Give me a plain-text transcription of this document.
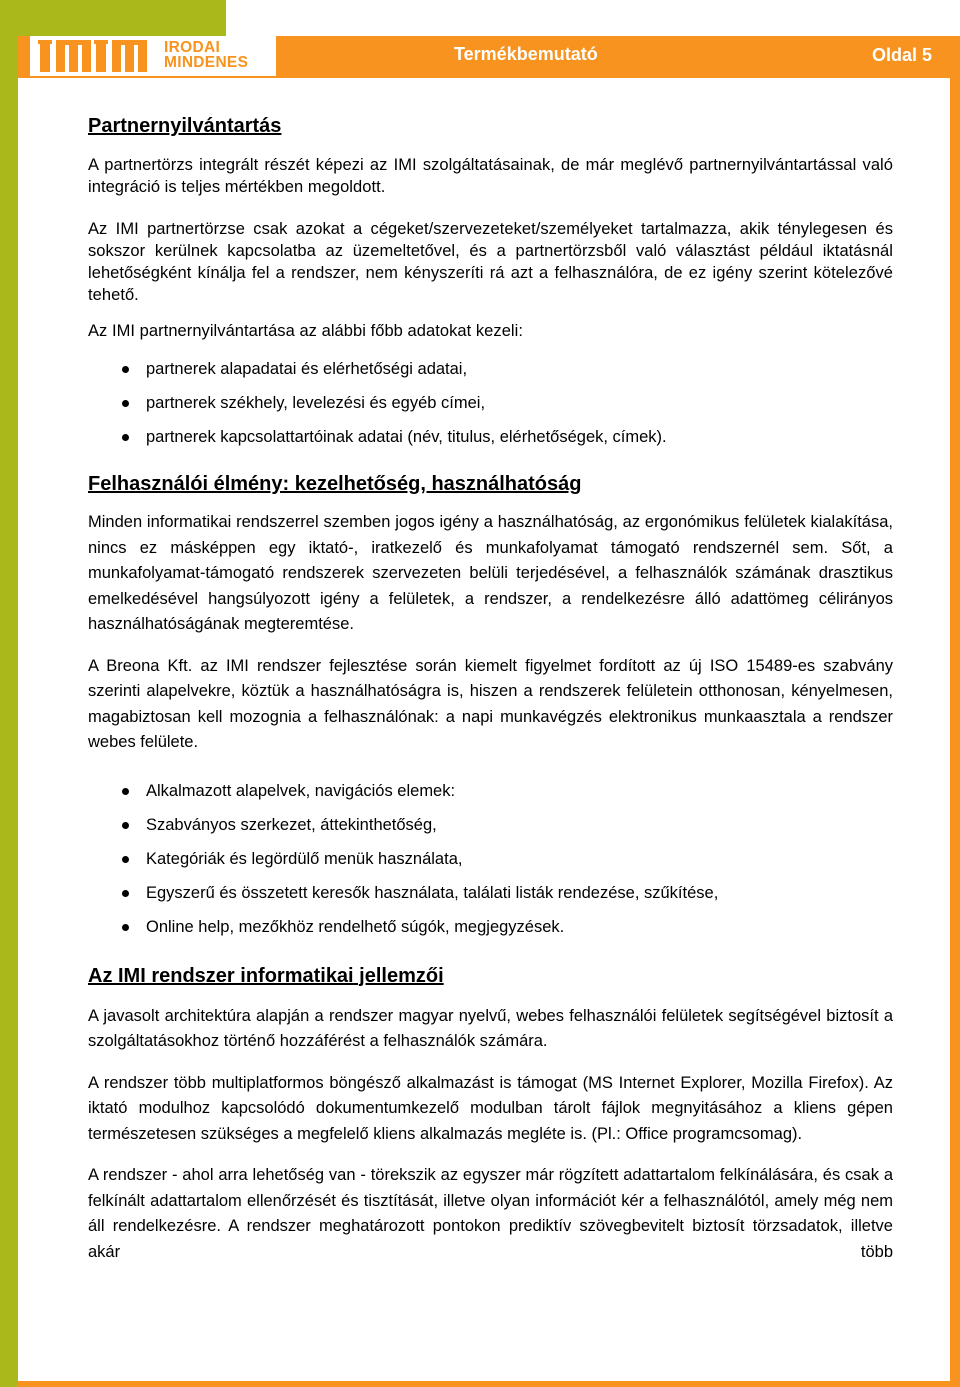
IRODAI
MINDENES	Termékbemutató	Oldal 5
Partnernyilvántartás

A partnertörzs integrált részét képezi az IMI szolgáltatásainak, de már meglévő partnernyilvántartással való integráció is teljes mértékben megoldott.

Az IMI partnertörzse csak azokat a cégeket/szervezeteket/személyeket tartalmazza, akik ténylegesen és sokszor kerülnek kapcsolatba az üzemeltetővel, és a partnertörzsből való választást például iktatásnál lehetőségként kínálja fel a rendszer, nem kényszeríti rá azt a felhasználóra, de ez igény szerint kötelezővé tehető.

Az IMI partnernyilvántartása az alábbi főbb adatokat kezeli:

partnerek alapadatai és elérhetőségi adatai,
partnerek székhely, levelezési és egyéb címei,
partnerek kapcsolattartóinak adatai (név, titulus, elérhetőségek, címek).
Felhasználói élmény: kezelhetőség, használhatóság

Minden informatikai rendszerrel szemben jogos igény a használhatóság, az ergonómikus felületek kialakítása, nincs ez másképpen egy iktató-, iratkezelő és munkafolyamat támogató rendszernél sem. Sőt, a munkafolyamat-támogató rendszerek szervezeten belüli terjedésével, a felhasználók számának drasztikus emelkedésével hangsúlyozott igény a felületek, a rendszer, a rendelkezésre álló adattömeg célirányos használhatóságának megteremtése.

A Breona Kft. az IMI rendszer fejlesztése során kiemelt figyelmet fordított az új ISO 15489-es szabvány szerinti alapelvekre, köztük a használhatóságra is, hiszen a rendszerek felületein otthonosan, kényelmesen, magabiztosan kell mozognia a felhasználónak: a napi munkavégzés elektronikus munkaasztala a rendszer webes felülete.

Alkalmazott alapelvek, navigációs elemek:
Szabványos szerkezet, áttekinthetőség,
Kategóriák és legördülő menük használata,
Egyszerű és összetett keresők használata, találati listák rendezése, szűkítése,
Online help, mezőkhöz rendelhető súgók, megjegyzések.
Az IMI rendszer informatikai jellemzői

A javasolt architektúra alapján a rendszer magyar nyelvű, webes felhasználói felületek segítségével biztosít a szolgáltatásokhoz történő hozzáférést a felhasználók számára.

A rendszer több multiplatformos böngésző alkalmazást is támogat (MS Internet Explorer, Mozilla Firefox). Az iktató modulhoz kapcsolódó dokumentumkezelő modulban tárolt fájlok megnyitásához a kliens gépen természetesen szükséges a megfelelő kliens alkalmazás megléte is. (Pl.: Office programcsomag).

A rendszer - ahol arra lehetőség van - törekszik az egyszer már rögzített adattartalom felkínálására, és csak a felkínált adattartalom ellenőrzését és tisztítását, illetve olyan információt kér a felhasználótól, amely még nem áll rendelkezésre. A rendszer meghatározott pontokon prediktív szövegbevitelt biztosít törzsadatok, illetve akár több
